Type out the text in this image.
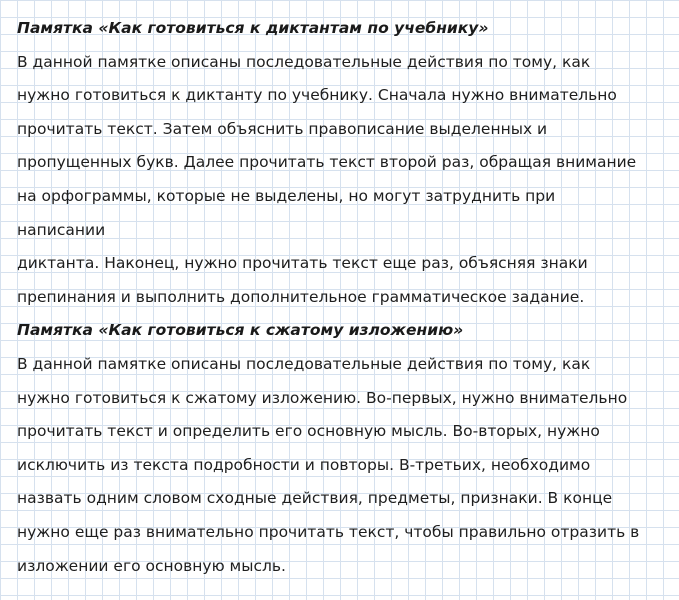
Памятка «Как готовиться к диктантам по учебнику»
В данной памятке описаны последовательные действия по тому, как
нужно готовиться к диктанту по учебнику. Сначала нужно внимательно
прочитать текст. Затем объяснить правописание выделенных и
пропущенных букв. Далее прочитать текст второй раз, обращая внимание
на орфограммы, которые не выделены, но могут затруднить при
написании
диктанта. Наконец, нужно прочитать текст еще раз, объясняя знаки
препинания и выполнить дополнительное грамматическое задание.
Памятка «Как готовиться к сжатому изложению»
В данной памятке описаны последовательные действия по тому, как
нужно готовиться к сжатому изложению. Во-первых, нужно внимательно
прочитать текст и определить его основную мысль. Во-вторых, нужно
исключить из текста подробности и повторы. В-третьих, необходимо
назвать одним словом сходные действия, предметы, признаки. В конце
нужно еще раз внимательно прочитать текст, чтобы правильно отразить в
изложении его основную мысль.
